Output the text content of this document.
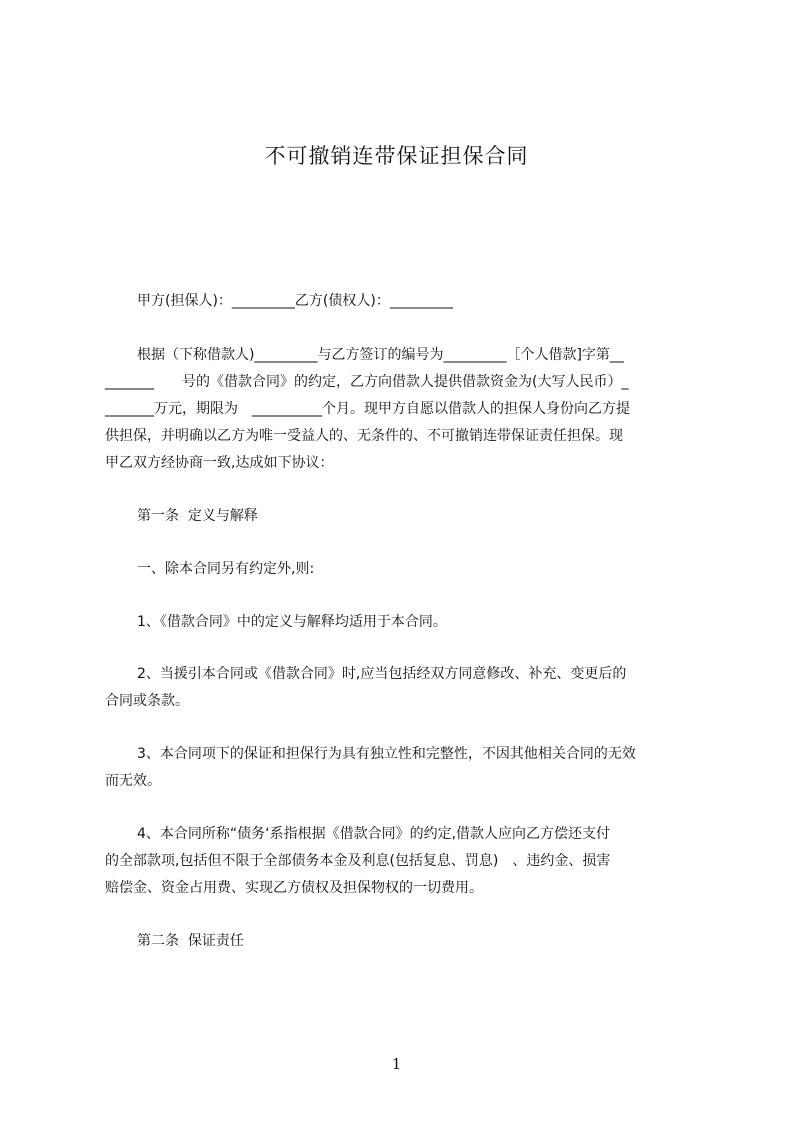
不可撤销连带保证担保合同
甲方(担保人)：_________乙方(债权人)：_________
根据（下称借款人)_________与乙方签订的编号为_________［个人借款]字第__
_______　　号的《借款合同》的约定，乙方向借款人提供借款资金为(大写人民币）_
_______万元，期限为　__________个月。现甲方自愿以借款人的担保人身份向乙方提
供担保，并明确以乙方为唯一受益人的、无条件的、不可撤销连带保证责任担保。现
甲乙双方经协商一致,达成如下协议：
第一条  定义与解释
一、除本合同另有约定外,则:
1、《借款合同》中的定义与解释均适用于本合同。
2、当援引本合同或《借款合同》时,应当包括经双方同意修改、补充、变更后的
合同或条款。
3、本合同项下的保证和担保行为具有独立性和完整性，不因其他相关合同的无效
而无效。
4、本合同所称“债务‘系指根据《借款合同》的约定,借款人应向乙方偿还支付
的全部款项,包括但不限于全部债务本金及利息(包括复息、罚息)　、违约金、损害
赔偿金、资金占用费、实现乙方债权及担保物权的一切费用。
第二条  保证责任
1
